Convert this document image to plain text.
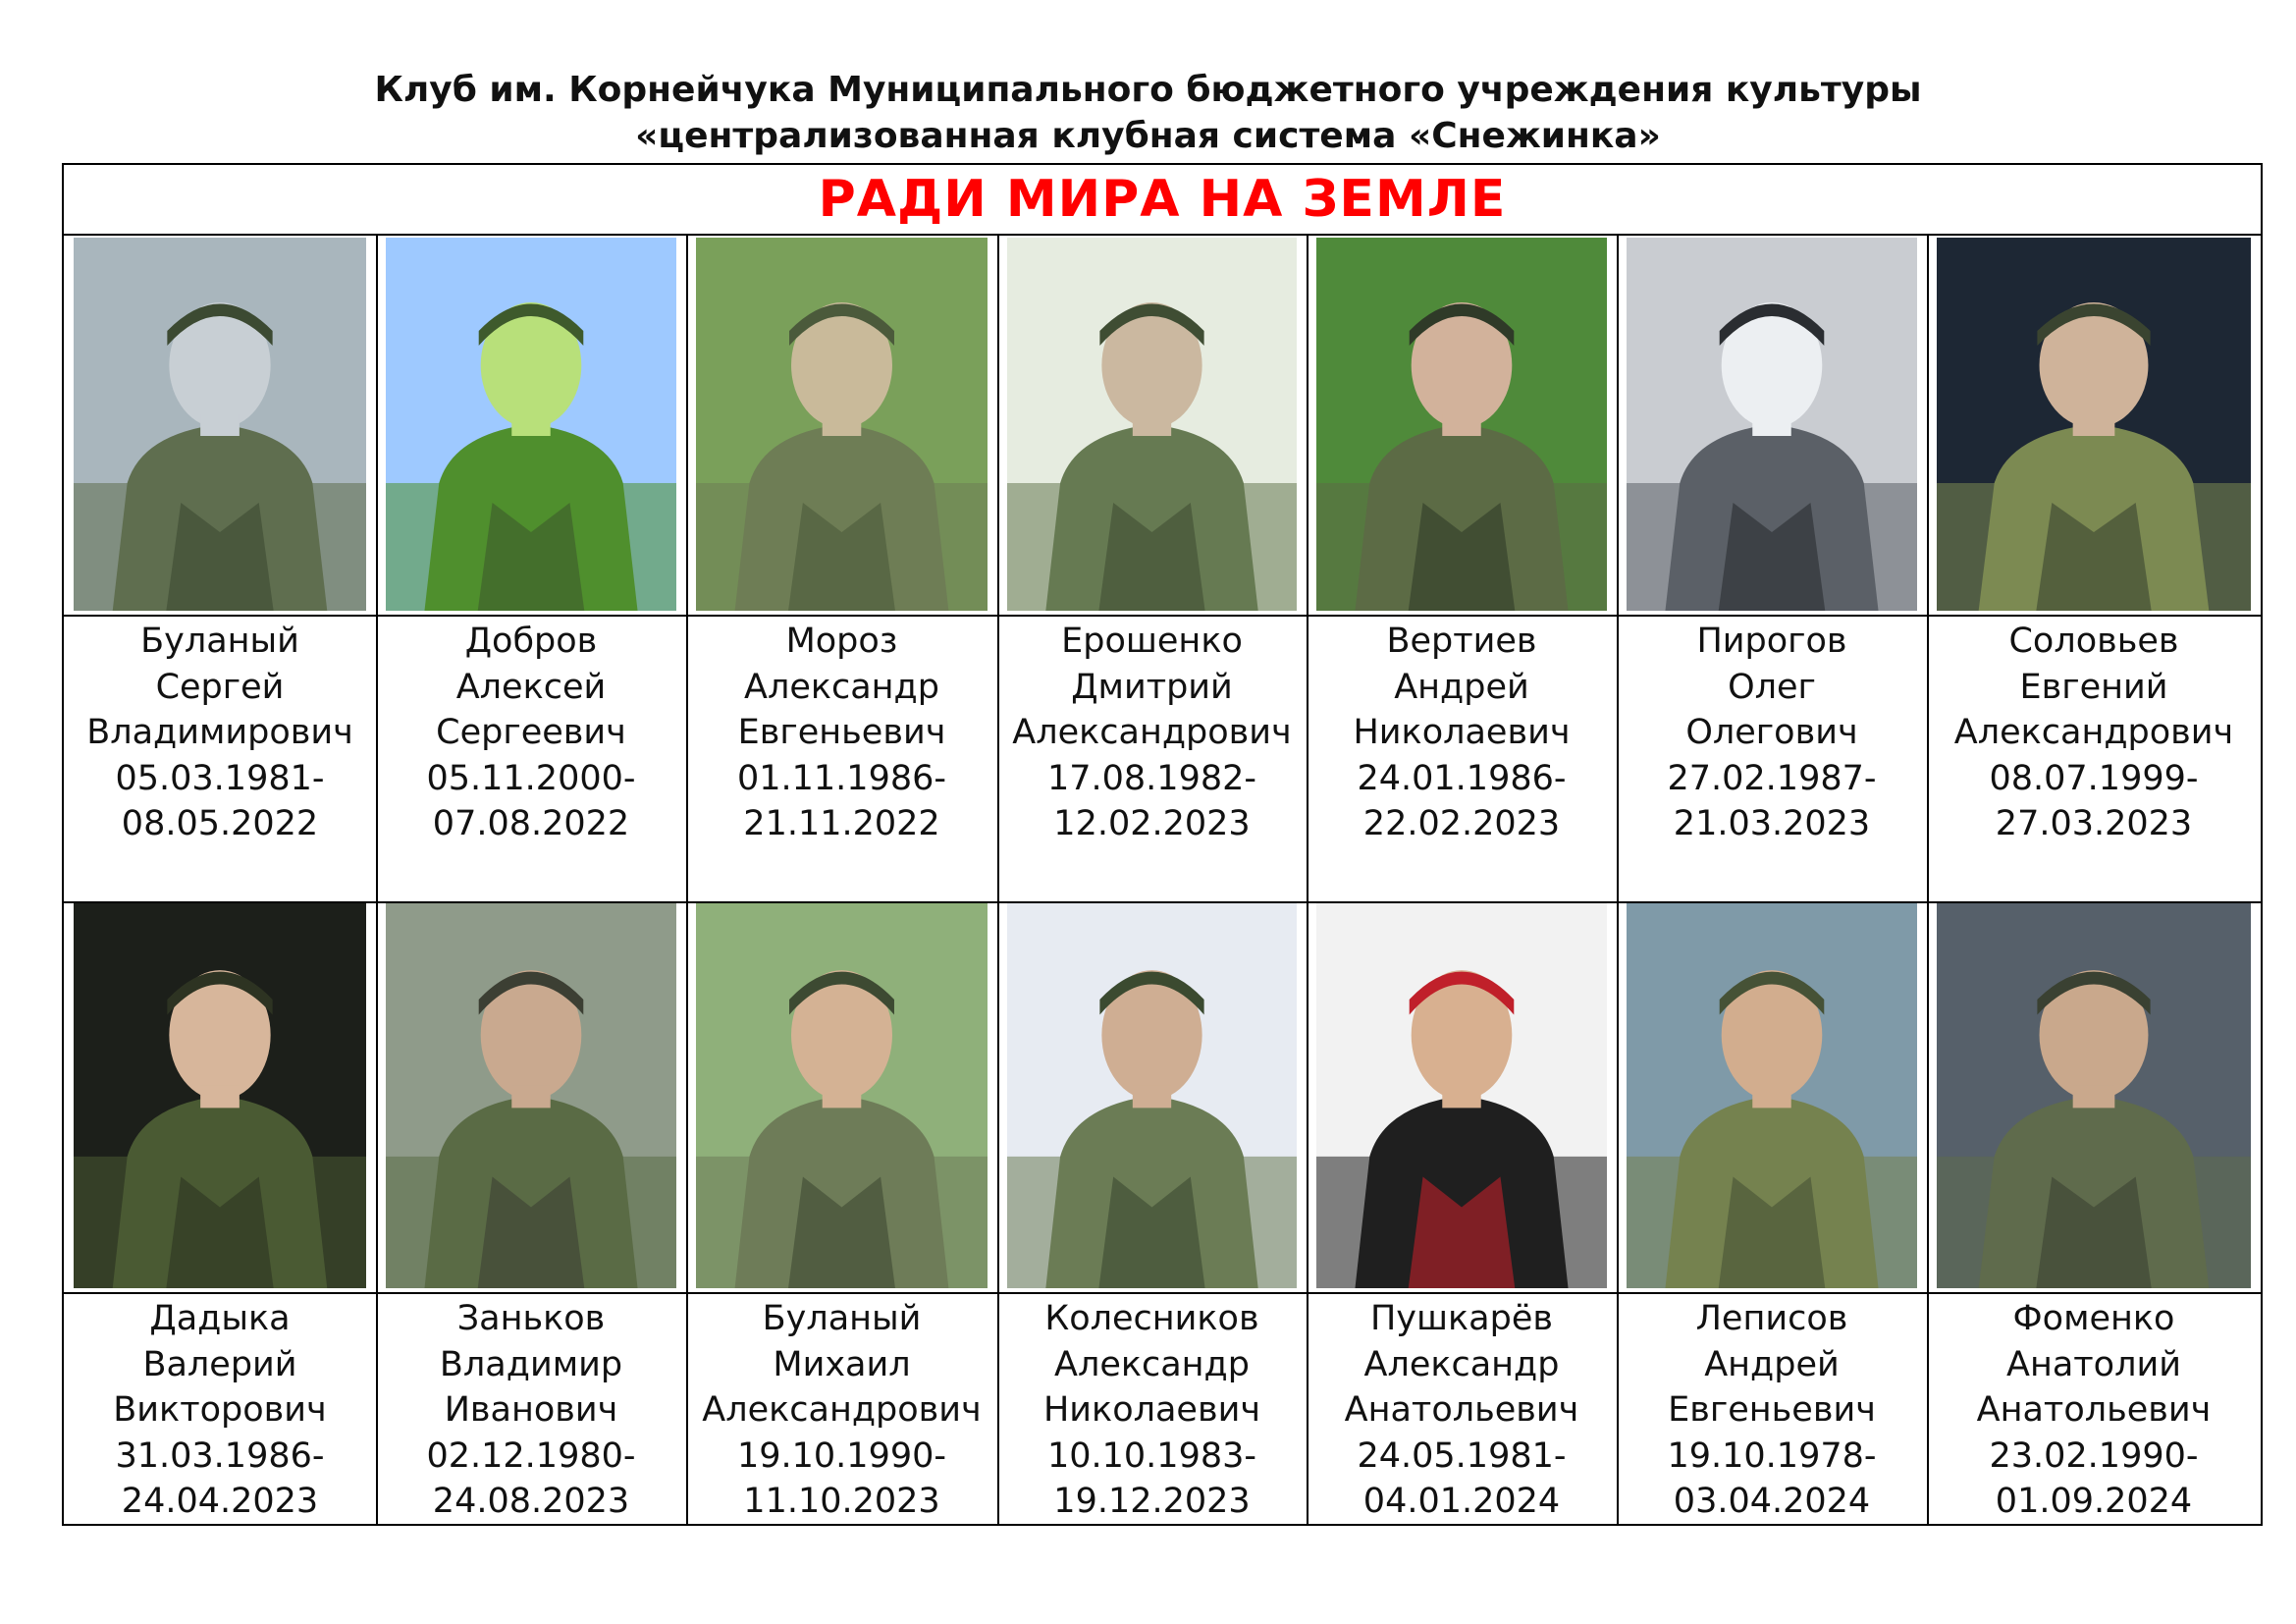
Клуб им. Корнейчука Муниципального бюджетного учреждения культуры
«централизованная клубная система «Снежинка»
РАДИ МИРА НА ЗЕМЛЕ
Буланый
Сергей
Владимирович
05.03.1981-
08.05.2022
Добров
Алексей
Сергеевич
05.11.2000-
07.08.2022
Мороз
Александр
Евгеньевич
01.11.1986-
21.11.2022
Ерошенко
Дмитрий
Александрович
17.08.1982-
12.02.2023
Вертиев
Андрей
Николаевич
24.01.1986-
22.02.2023
Пирогов
Олег
Олегович
27.02.1987-
21.03.2023
Соловьев
Евгений
Александрович
08.07.1999-
27.03.2023
Дадыка
Валерий
Викторович
31.03.1986-
24.04.2023
Заньков
Владимир
Иванович
02.12.1980-
24.08.2023
Буланый
Михаил
Александрович
19.10.1990-
11.10.2023
Колесников
Александр
Николаевич
10.10.1983-
19.12.2023
Пушкарёв
Александр
Анатольевич
24.05.1981-
04.01.2024
Леписов
Андрей
Евгеньевич
19.10.1978-
03.04.2024
Фоменко
Анатолий
Анатольевич
23.02.1990-
01.09.2024
